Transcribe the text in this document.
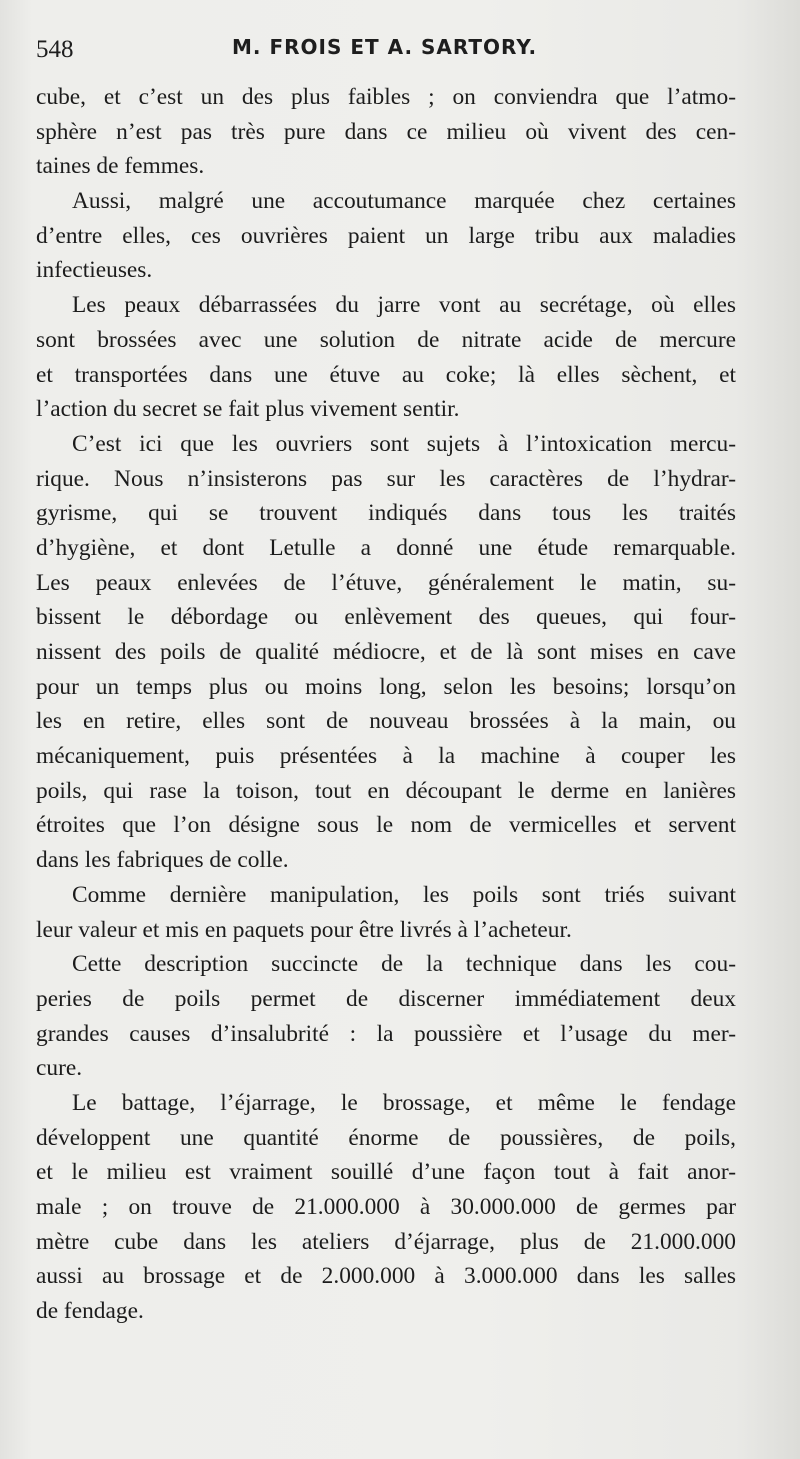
548	M. FROIS ET A. SARTORY.
cube, et c’est un des plus faibles ; on conviendra que l’atmo-
sphère n’est pas très pure dans ce milieu où vivent des cen-
taines de femmes.
Aussi, malgré une accoutumance marquée chez certaines
d’entre elles, ces ouvrières paient un large tribu aux maladies
infectieuses.
Les peaux débarrassées du jarre vont au secrétage, où elles
sont brossées avec une solution de nitrate acide de mercure
et transportées dans une étuve au coke; là elles sèchent, et
l’action du secret se fait plus vivement sentir.
C’est ici que les ouvriers sont sujets à l’intoxication mercu-
rique. Nous n’insisterons pas sur les caractères de l’hydrar-
gyrisme, qui se trouvent indiqués dans tous les traités
d’hygiène, et dont Letulle a donné une étude remarquable.
Les peaux enlevées de l’étuve, généralement le matin, su-
bissent le débordage ou enlèvement des queues, qui four-
nissent des poils de qualité médiocre, et de là sont mises en cave
pour un temps plus ou moins long, selon les besoins; lorsqu’on
les en retire, elles sont de nouveau brossées à la main, ou
mécaniquement, puis présentées à la machine à couper les
poils, qui rase la toison, tout en découpant le derme en lanières
étroites que l’on désigne sous le nom de vermicelles et servent
dans les fabriques de colle.
Comme dernière manipulation, les poils sont triés suivant
leur valeur et mis en paquets pour être livrés à l’acheteur.
Cette description succincte de la technique dans les cou-
peries de poils permet de discerner immédiatement deux
grandes causes d’insalubrité : la poussière et l’usage du mer-
cure.
Le battage, l’éjarrage, le brossage, et même le fendage
développent une quantité énorme de poussières, de poils,
et le milieu est vraiment souillé d’une façon tout à fait anor-
male ; on trouve de 21.000.000 à 30.000.000 de germes par
mètre cube dans les ateliers d’éjarrage, plus de 21.000.000
aussi au brossage et de 2.000.000 à 3.000.000 dans les salles
de fendage.
